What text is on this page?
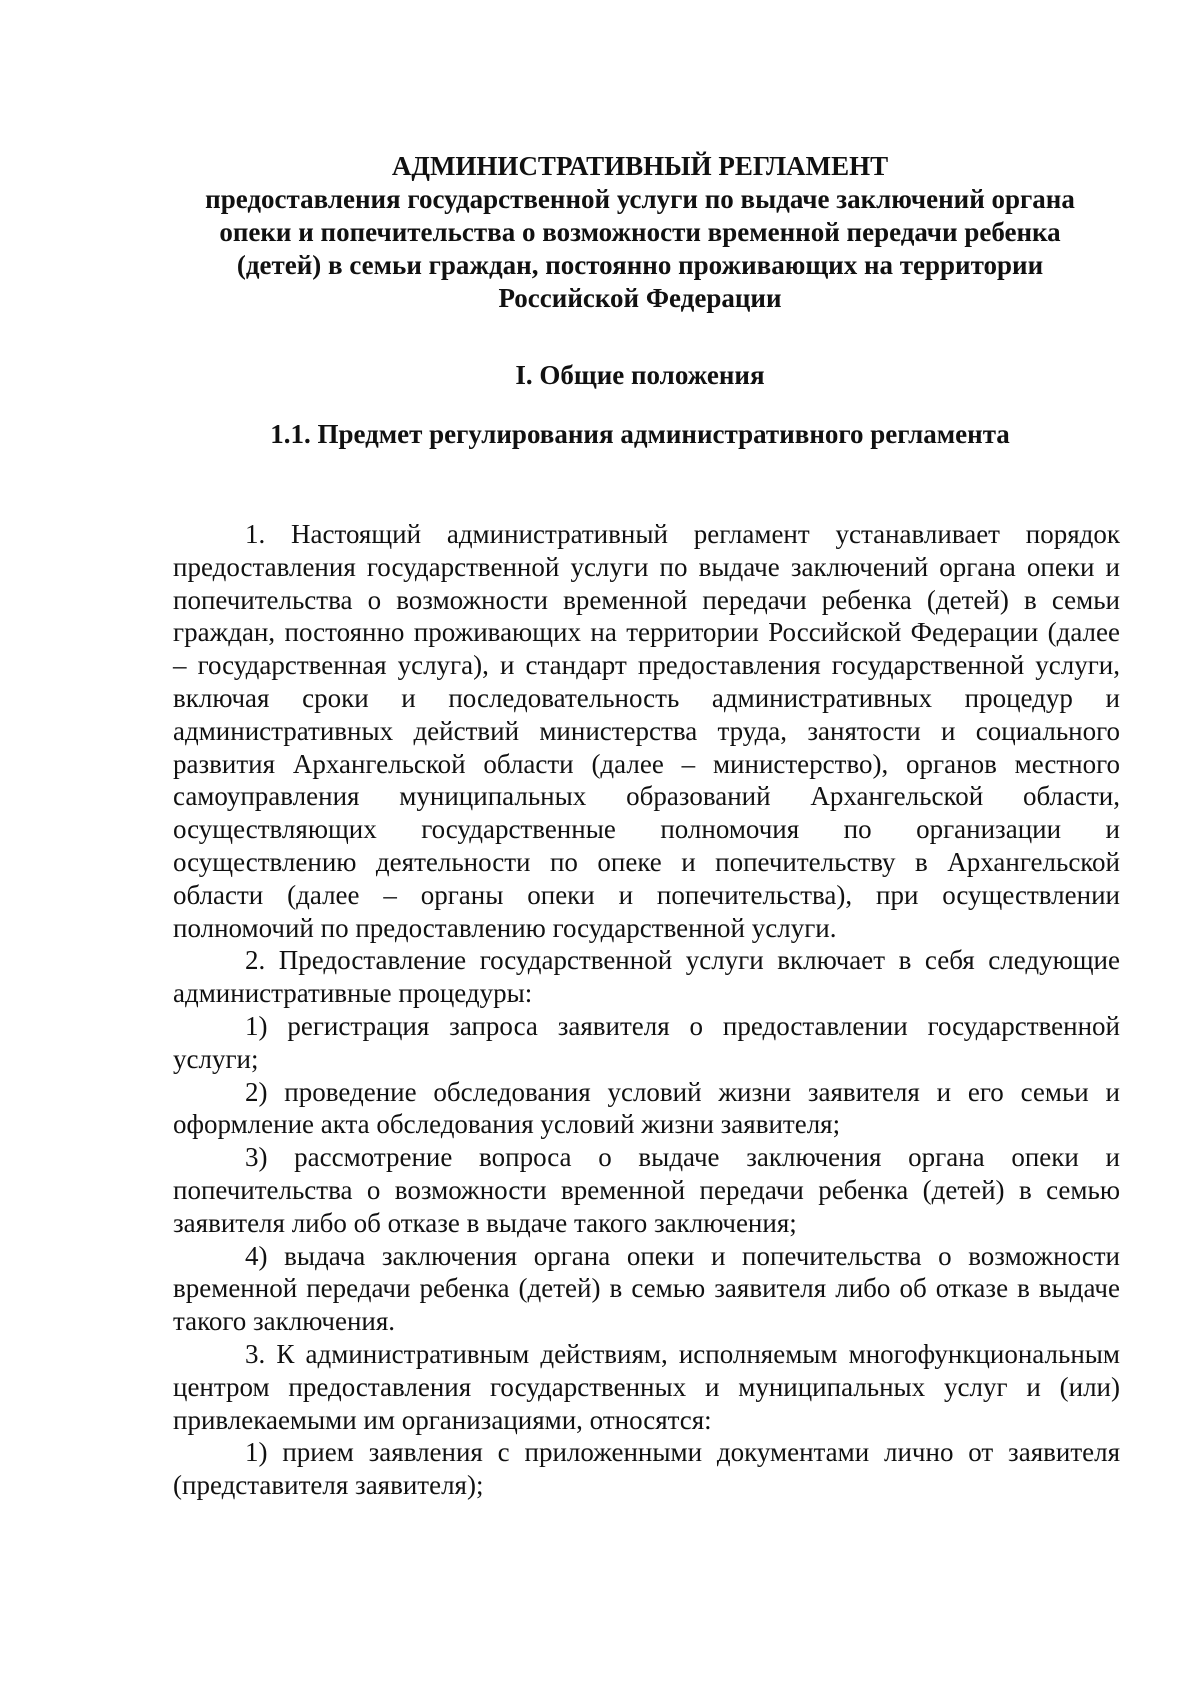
АДМИНИСТРАТИВНЫЙ РЕГЛАМЕНТ
предоставления государственной услуги по выдаче заключений органа
опеки и попечительства о возможности временной передачи ребенка
(детей) в семьи граждан, постоянно проживающих на территории
Российской Федерации
I. Общие положения
1.1. Предмет регулирования административного регламента

1. Настоящий административный регламент устанавливает порядок предоставления государственной услуги по выдаче заключений органа опеки и попечительства о возможности временной передачи ребенка (детей) в семьи граждан, постоянно проживающих на территории Российской Федерации (далее – государственная услуга), и стандарт предоставления государственной услуги, включая сроки и последовательность административных процедур и административных действий министерства труда, занятости и социального развития Архангельской области (далее – министерство), органов местного самоуправления муниципальных образований Архангельской области, осуществляющих государственные полномочия по организации и осуществлению деятельности по опеке и попечительству в Архангельской области (далее – органы опеки и попечительства), при осуществлении полномочий по предоставлению государственной услуги.

2. Предоставление государственной услуги включает в себя следующие административные процедуры:

1) регистрация запроса заявителя о предоставлении государственной услуги;

2) проведение обследования условий жизни заявителя и его семьи и оформление акта обследования условий жизни заявителя;

3) рассмотрение вопроса о выдаче заключения органа опеки и попечительства о возможности временной передачи ребенка (детей) в семью заявителя либо об отказе в выдаче такого заключения;

4) выдача заключения органа опеки и попечительства о возможности временной передачи ребенка (детей) в семью заявителя либо об отказе в выдаче такого заключения.

3. К административным действиям, исполняемым многофункциональным центром предоставления государственных и муниципальных услуг и (или) привлекаемыми им организациями, относятся:

1) прием заявления с приложенными документами лично от заявителя (представителя заявителя);
